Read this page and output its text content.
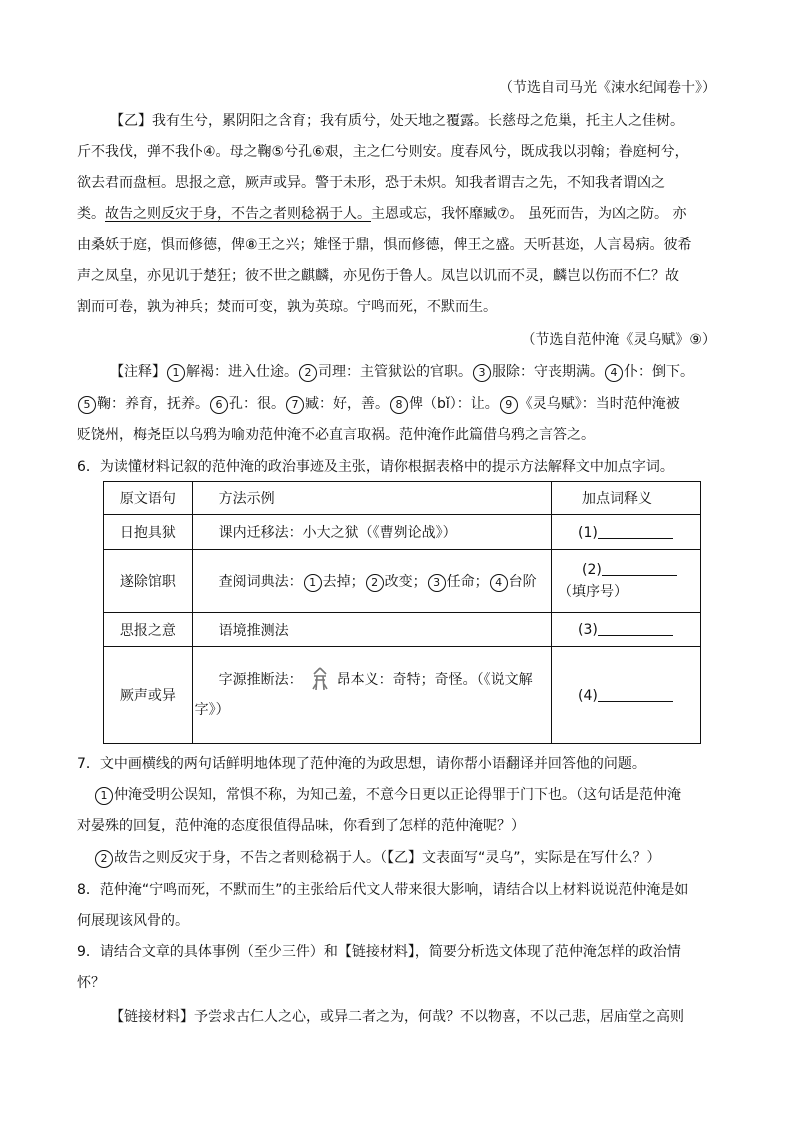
（节选自司马光《涑水纪闻卷十》）
【乙】我有生兮，累阴阳之含育；我有质兮，处天地之覆露。长慈母之危巢，托主人之佳树。
斤不我伐，弹不我仆④。母之鞠⑤兮孔⑥艰，主之仁兮则安。度春风兮，既成我以羽翰；眷庭柯兮，
欲去君而盘桓。思报之意，厥声或异。警于未形，恐于未炽。知我者谓吉之先，不知我者谓凶之
类。故告之则反灾于身，不告之者则稔祸于人。主恩或忘，我怀靡臧⑦。 虽死而告，为凶之防。 亦
由桑妖于庭，惧而修德，俾⑧王之兴；雉怪于鼎，惧而修德，俾王之盛。天听甚迩，人言曷病。彼希
声之凤皇，亦见讥于楚狂；彼不世之麒麟，亦见伤于鲁人。凤岂以讥而不灵，麟岂以伤而不仁？故
割而可卷，孰为神兵；焚而可变，孰为英琼。宁鸣而死，不默而生。
（节选自范仲淹《灵乌赋》⑨）
【注释】 1 解褐：进入仕途。 2 司理：主管狱讼的官职。 3 服除：守丧期满。 4 仆：倒下。
5 鞠：养育，抚养。 6 孔：很。 7 臧：好，善。 8 俾（bǐ）：让。 9 《灵乌赋》：当时范仲淹被
贬饶州，梅尧臣以乌鸦为喻劝范仲淹不必直言取祸。范仲淹作此篇借乌鸦之言答之。
6．为读懂材料记叙的范仲淹的政治事迹及主张，请你根据表格中的提示方法解释文中加点字词。
原文语句	方法示例	加点词释义
日抱具狱	课内迁移法：小大之狱（《曹刿论战》）	(1)
遂除馆职	查阅词典法： 1 去掉； 2 改变； 3 任命； 4 台阶	(2)
（填序号）

思报之意	语境推测法	(3)
厥声或异	字源推断法： 昂本义：奇特；奇怪。（《说文解
字》）	(4)
7．文中画横线的两句话鲜明地体现了范仲淹的为政思想，请你帮小语翻译并回答他的问题。
1 仲淹受明公误知，常惧不称，为知己羞，不意今日更以正论得罪于门下也。（这句话是范仲淹
对晏殊的回复，范仲淹的态度很值得品味，你看到了怎样的范仲淹呢？）
2 故告之则反灾于身，不告之者则稔祸于人。（【乙】文表面写“灵乌”，实际是在写什么？）
8．范仲淹“宁鸣而死，不默而生”的主张给后代文人带来很大影响，请结合以上材料说说范仲淹是如
何展现该风骨的。
9．请结合文章的具体事例（至少三件）和【链接材料】，简要分析选文体现了范仲淹怎样的政治情
怀？
【链接材料】予尝求古仁人之心，或异二者之为，何哉？不以物喜，不以己悲，居庙堂之高则
